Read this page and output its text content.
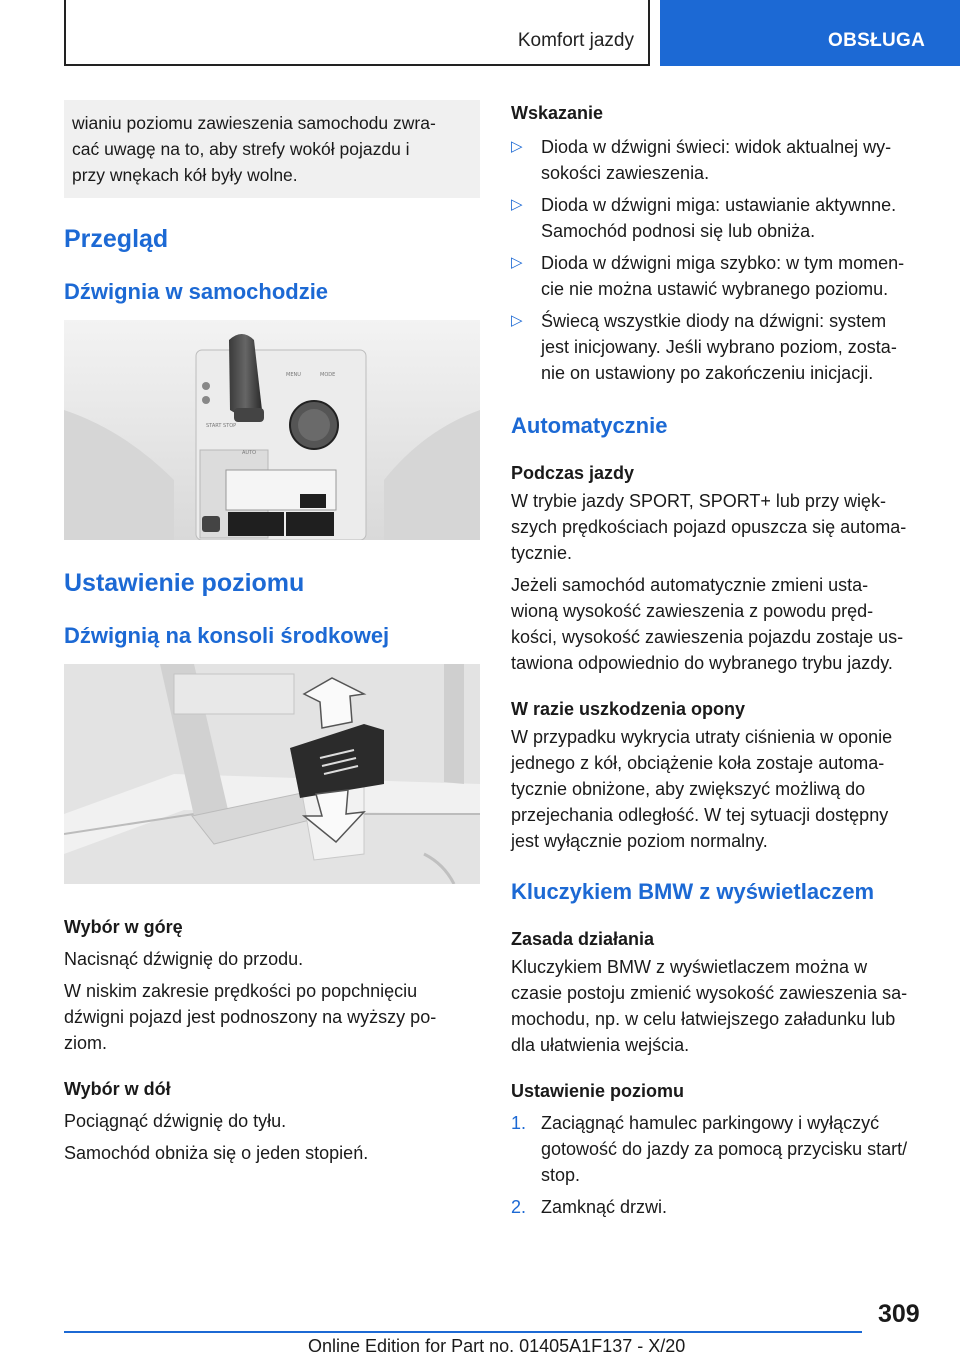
Komfort jazdy	OBSŁUGA
wianiu poziomu zawieszenia samochodu zwra-
cać uwagę na to, aby strefy wokół pojazdu i
przy wnękach kół były wolne.
Przegląd
Dźwignia w samochodzie
MENU	MODE
START STOP
AUTO
Ustawienie poziomu
Dźwignią na konsoli środkowej
Wybór w górę
Nacisnąć dźwignię do przodu.
W niskim zakresie prędkości po popchnięciu
dźwigni pojazd jest podnoszony na wyższy po-
ziom.
Wybór w dół
Pociągnąć dźwignię do tyłu.
Samochód obniża się o jeden stopień.
Wskazanie
▷ Dioda w dźwigni świeci: widok aktualnej wy-
sokości zawieszenia.
▷ Dioda w dźwigni miga: ustawianie aktywnne.
Samochód podnosi się lub obniża.
▷ Dioda w dźwigni miga szybko: w tym momen-
cie nie można ustawić wybranego poziomu.
▷ Świecą wszystkie diody na dźwigni: system
jest inicjowany. Jeśli wybrano poziom, zosta-
nie on ustawiony po zakończeniu inicjacji.
Automatycznie
Podczas jazdy
W trybie jazdy SPORT, SPORT+ lub przy więk-
szych prędkościach pojazd opuszcza się automa-
tycznie.
Jeżeli samochód automatycznie zmieni usta-
wioną wysokość zawieszenia z powodu pręd-
kości, wysokość zawieszenia pojazdu zostaje us-
tawiona odpowiednio do wybranego trybu jazdy.
W razie uszkodzenia opony
W przypadku wykrycia utraty ciśnienia w oponie
jednego z kół, obciążenie koła zostaje automa-
tycznie obniżone, aby zwiększyć możliwą do
przejechania odległość. W tej sytuacji dostępny
jest wyłącznie poziom normalny.
Kluczykiem BMW z wyświetlaczem
Zasada działania
Kluczykiem BMW z wyświetlaczem można w
czasie postoju zmienić wysokość zawieszenia sa-
mochodu, np. w celu łatwiejszego załadunku lub
dla ułatwienia wejścia.
Ustawienie poziomu
1. Zaciągnąć hamulec parkingowy i wyłączyć
gotowość do jazdy za pomocą przycisku start/
stop.
2. Zamknąć drzwi.
309
Online Edition for Part no. 01405A1F137 - X/20
